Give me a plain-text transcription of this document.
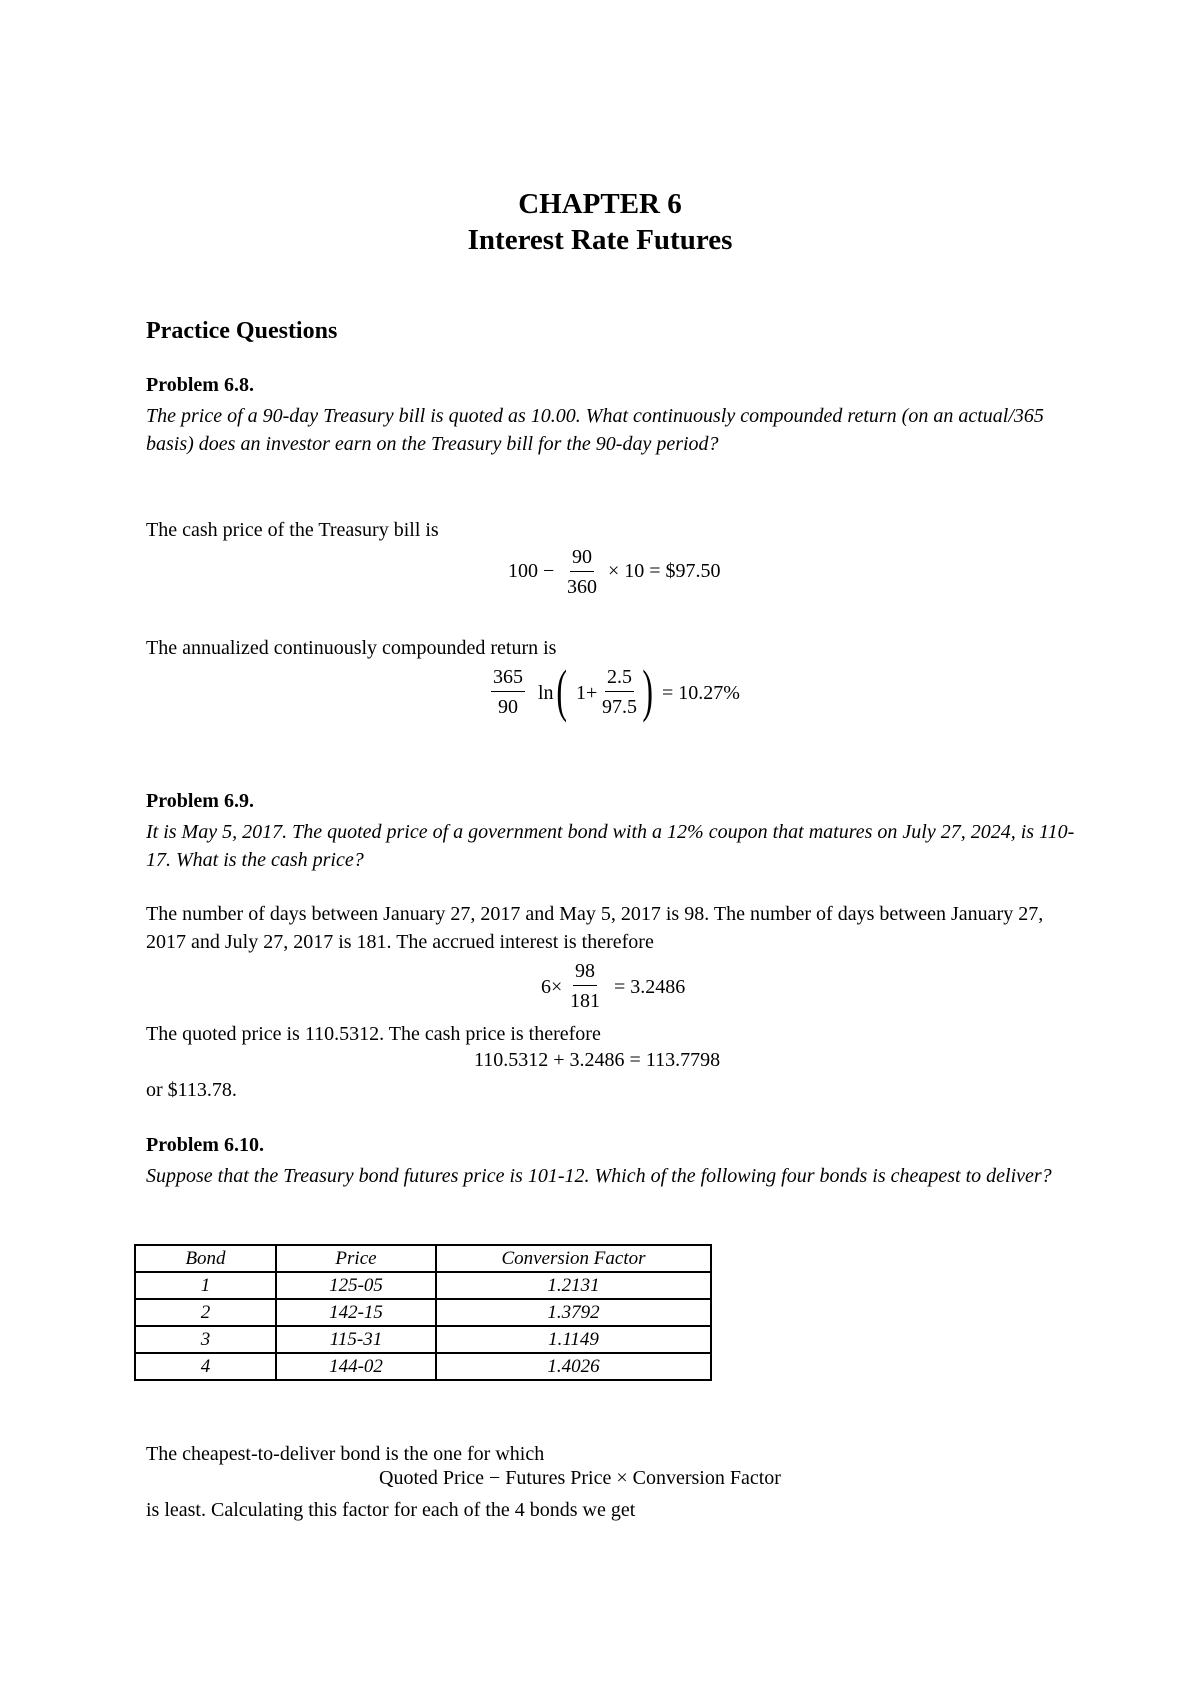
CHAPTER 6
Interest Rate Futures
Practice Questions
Problem 6.8.
The price of a 90-day Treasury bill is quoted as 10.00. What continuously compounded return (on an actual/365 basis) does an investor earn on the Treasury bill for the 90-day period?
The cash price of the Treasury bill is
$100 - \frac{90}{360} \times 10$ = $97.50
The annualized continuously compounded return is
$\frac{365}{90}$ ln ( $1+ \frac{2.5}{97.5}$ ) = 10.27%
Problem 6.9.
It is May 5, 2017. The quoted price of a government bond with a 12% coupon that matures on July 27, 2024, is 110-17. What is the cash price?
The number of days between January 27, 2017 and May 5, 2017 is 98. The number of days between January 27, 2017 and July 27, 2017 is 181. The accrued interest is therefore
$6\times \frac{98}{181} = 3.2486$
The quoted price is 110.5312. The cash price is therefore
110.5312 + 3.2486 = 113.7798
or $113.78.
Problem 6.10.
Suppose that the Treasury bond futures price is 101-12. Which of the following four bonds is cheapest to deliver?
Bond	Price	Conversion Factor
1	125-05	1.2131
2	142-15	1.3792
3	115-31	1.1149
4	144-02	1.4026
The cheapest-to-deliver bond is the one for which
Quoted Price − Futures Price × Conversion Factor
is least. Calculating this factor for each of the 4 bonds we get
